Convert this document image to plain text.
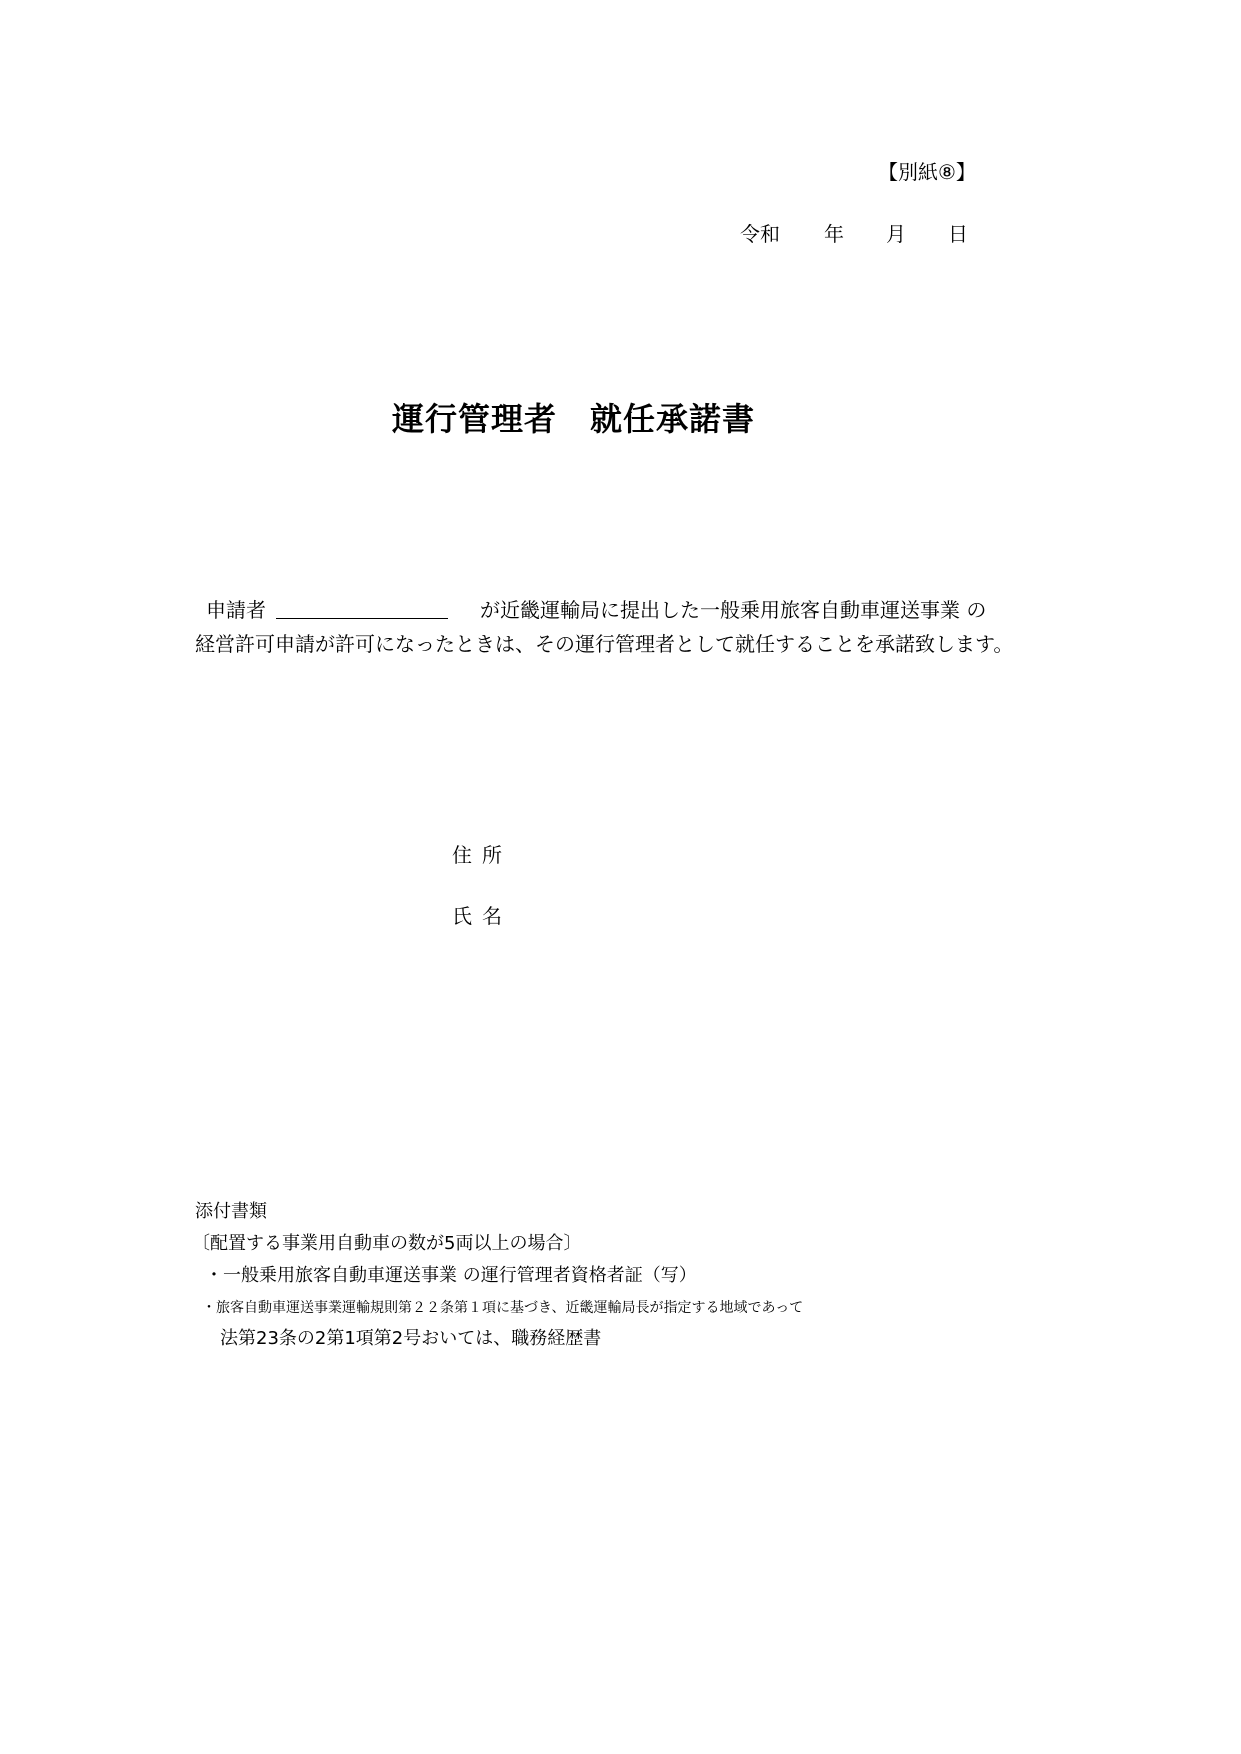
【別紙⑧】
令和	年	月	日
運行管理者　就任承諾書
申請者	が近畿運輸局に提出した一般乗用旅客自動車運送事業 の
経営許可申請が許可になったときは、その運行管理者として就任することを承諾致します。
住所
氏名
添付書類
〔配置する事業用自動車の数が5両以上の場合〕
・一般乗用旅客自動車運送事業 の運行管理者資格者証（写）
・旅客自動車運送事業運輸規則第２２条第１項に基づき、近畿運輸局長が指定する地域であって
法第23条の2第1項第2号おいては、職務経歴書
